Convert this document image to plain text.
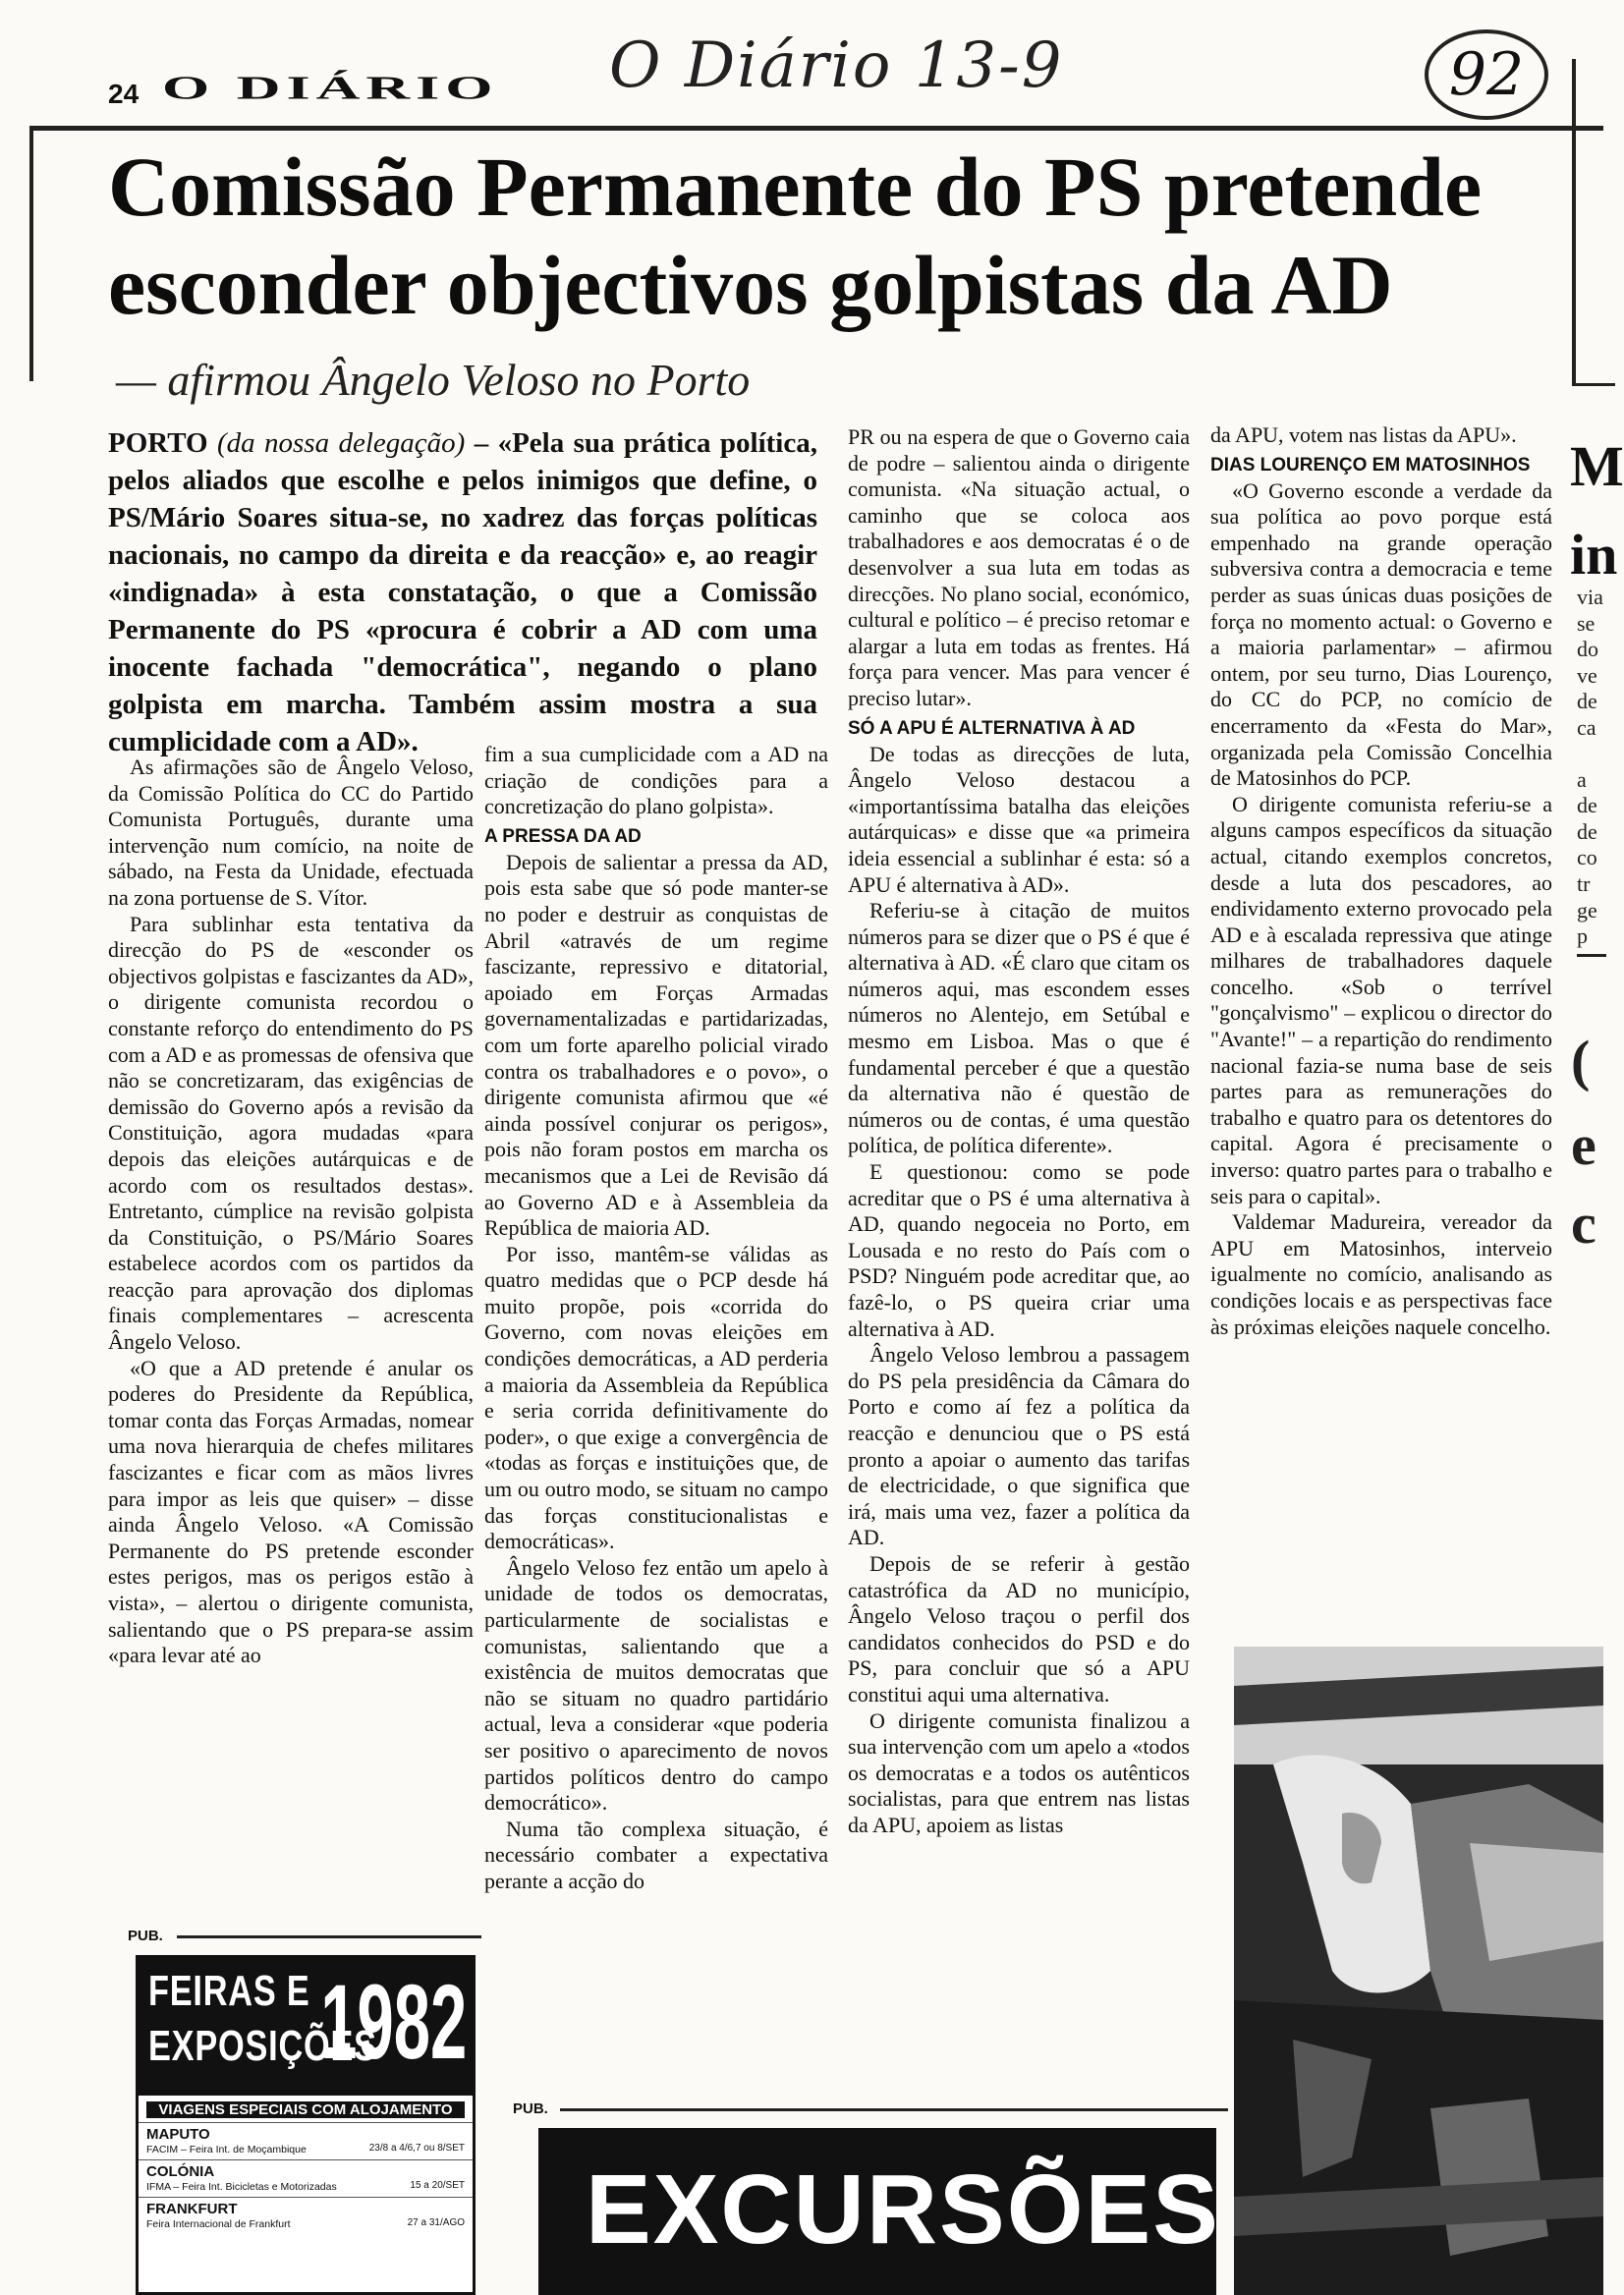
24 O DIÁRIO O Diário 13-9	92
Comissão Permanente do PS pretende esconder objectivos golpistas da AD
— afirmou Ângelo Veloso no Porto

PORTO (da nossa delegação) – «Pela sua prática política, pelos aliados que escolhe e pelos inimigos que define, o PS/Mário Soares situa-se, no xadrez das forças políticas nacionais, no campo da direita e da reacção» e, ao reagir «indignada» à esta constatação, o que a Comissão Permanente do PS «procura é cobrir a AD com uma inocente fachada "democrática", negando o plano golpista em marcha. Também assim mostra a sua cumplicidade com a AD».

As afirmações são de Ângelo Veloso, da Comissão Política do CC do Partido Comunista Português, durante uma intervenção num comício, na noite de sábado, na Festa da Unidade, efectuada na zona portuense de S. Vítor.

Para sublinhar esta tentativa da direcção do PS de «esconder os objectivos golpistas e fascizantes da AD», o dirigente comunista recordou o constante reforço do entendimento do PS com a AD e as promessas de ofensiva que não se concretizaram, das exigências de demissão do Governo após a revisão da Constituição, agora mudadas «para depois das eleições autárquicas e de acordo com os resultados destas». Entretanto, cúmplice na revisão golpista da Constituição, o PS/Mário Soares estabelece acordos com os partidos da reacção para aprovação dos diplomas finais complementares – acrescenta Ângelo Veloso.

«O que a AD pretende é anular os poderes do Presidente da República, tomar conta das Forças Armadas, nomear uma nova hierarquia de chefes militares fascizantes e ficar com as mãos livres para impor as leis que quiser» – disse ainda Ângelo Veloso. «A Comissão Permanente do PS pretende esconder estes perigos, mas os perigos estão à vista», – alertou o dirigente comunista, salientando que o PS prepara-se assim «para levar até ao

fim a sua cumplicidade com a AD na criação de condições para a concretização do plano golpista».

A PRESSA DA AD

Depois de salientar a pressa da AD, pois esta sabe que só pode manter-se no poder e destruir as conquistas de Abril «através de um regime fascizante, repressivo e ditatorial, apoiado em Forças Armadas governamentalizadas e partidarizadas, com um forte aparelho policial virado contra os trabalhadores e o povo», o dirigente comunista afirmou que «é ainda possível conjurar os perigos», pois não foram postos em marcha os mecanismos que a Lei de Revisão dá ao Governo AD e à Assembleia da República de maioria AD.

Por isso, mantêm-se válidas as quatro medidas que o PCP desde há muito propõe, pois «corrida do Governo, com novas eleições em condições democráticas, a AD perderia a maioria da Assembleia da República e seria corrida definitivamente do poder», o que exige a convergência de «todas as forças e instituições que, de um ou outro modo, se situam no campo das forças constitucionalistas e democráticas».

Ângelo Veloso fez então um apelo à unidade de todos os democratas, particularmente de socialistas e comunistas, salientando que a existência de muitos democratas que não se situam no quadro partidário actual, leva a considerar «que poderia ser positivo o aparecimento de novos partidos políticos dentro do campo democrático».

Numa tão complexa situação, é necessário combater a expectativa perante a acção do

PR ou na espera de que o Governo caia de podre – salientou ainda o dirigente comunista. «Na situação actual, o caminho que se coloca aos trabalhadores e aos democratas é o de desenvolver a sua luta em todas as direcções. No plano social, económico, cultural e político – é preciso retomar e alargar a luta em todas as frentes. Há força para vencer. Mas para vencer é preciso lutar».

SÓ A APU É ALTERNATIVA À AD

De todas as direcções de luta, Ângelo Veloso destacou a «importantíssima batalha das eleições autárquicas» e disse que «a primeira ideia essencial a sublinhar é esta: só a APU é alternativa à AD».

Referiu-se à citação de muitos números para se dizer que o PS é que é alternativa à AD. «É claro que citam os números aqui, mas escondem esses números no Alentejo, em Setúbal e mesmo em Lisboa. Mas o que é fundamental perceber é que a questão da alternativa não é questão de números ou de contas, é uma questão política, de política diferente».

E questionou: como se pode acreditar que o PS é uma alternativa à AD, quando negoceia no Porto, em Lousada e no resto do País com o PSD? Ninguém pode acreditar que, ao fazê-lo, o PS queira criar uma alternativa à AD.

Ângelo Veloso lembrou a passagem do PS pela presidência da Câmara do Porto e como aí fez a política da reacção e denunciou que o PS está pronto a apoiar o aumento das tarifas de electricidade, o que significa que irá, mais uma vez, fazer a política da AD.

Depois de se referir à gestão catastrófica da AD no município, Ângelo Veloso traçou o perfil dos candidatos conhecidos do PSD e do PS, para concluir que só a APU constitui aqui uma alternativa.

O dirigente comunista finalizou a sua intervenção com um apelo a «todos os democratas e a todos os autênticos socialistas, para que entrem nas listas da APU, apoiem as listas

da APU, votem nas listas da APU».

DIAS LOURENÇO EM MATOSINHOS

«O Governo esconde a verdade da sua política ao povo porque está empenhado na grande operação subversiva contra a democracia e teme perder as suas únicas duas posições de força no momento actual: o Governo e a maioria parlamentar» – afirmou ontem, por seu turno, Dias Lourenço, do CC do PCP, no comício de encerramento da «Festa do Mar», organizada pela Comissão Concelhia de Matosinhos do PCP.

O dirigente comunista referiu-se a alguns campos específicos da situação actual, citando exemplos concretos, desde a luta dos pescadores, ao endividamento externo provocado pela AD e à escalada repressiva que atinge milhares de trabalhadores daquele concelho. «Sob o terrível "gonçalvismo" – explicou o director do "Avante!" – a repartição do rendimento nacional fazia-se numa base de seis partes para as remunerações do trabalho e quatro para os detentores do capital. Agora é precisamente o inverso: quatro partes para o trabalho e seis para o capital».

Valdemar Madureira, vereador da APU em Matosinhos, interveio igualmente no comício, analisando as condições locais e as perspectivas face às próximas eleições naquele concelho.

M
in
via
se
do
ve
de
ca
a
de
de
co
tr
ge
p
(
e
c
PUB.
FEIRAS E EXPOSIÇÕES
1982
VIAGENS ESPECIAIS COM ALOJAMENTO
MAPUTO
FACIM – Feira Int. de Moçambique	23/8 a 4/6,7 ou 8/SET
COLÓNIA
IFMA – Feira Int. Bicicletas e Motorizadas	15 a 20/SET
FRANKFURT
Feira Internacional de Frankfurt	27 a 31/AGO
PUB.
EXCURSÕES
